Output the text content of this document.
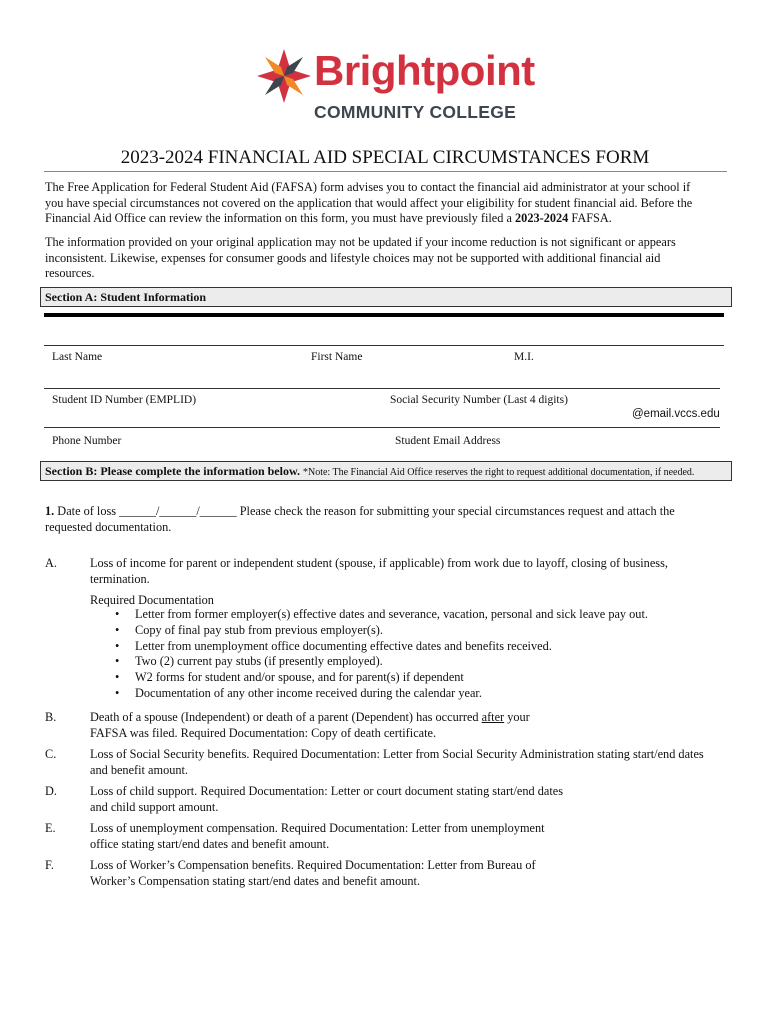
Brightpoint
COMMUNITY COLLEGE
2023-2024 FINANCIAL AID SPECIAL CIRCUMSTANCES FORM
The Free Application for Federal Student Aid (FAFSA) form advises you to contact the financial aid administrator at your school if
you have special circumstances not covered on the application that would affect your eligibility for student financial aid. Before the
Financial Aid Office can review the information on this form, you must have previously filed a 2023-2024 FAFSA.
The information provided on your original application may not be updated if your income reduction is not significant or appears
inconsistent. Likewise, expenses for consumer goods and lifestyle choices may not be supported with additional financial aid
resources.
Section A: Student Information
Last Name	First Name	M.I.
Student ID Number (EMPLID)	Social Security Number (Last 4 digits)
@email.vccs.edu
Phone Number	Student Email Address
Section B: Please complete the information below. *Note: The Financial Aid Office reserves the right to request additional documentation, if needed.
1. Date of loss ______/______/______ Please check the reason for submitting your special circumstances request and attach the
requested documentation.
A.	Loss of income for parent or independent student (spouse, if applicable) from work due to layoff, closing of business,
termination.
Required Documentation
• Letter from former employer(s) effective dates and severance, vacation, personal and sick leave pay out.
• Copy of final pay stub from previous employer(s).
• Letter from unemployment office documenting effective dates and benefits received.
• Two (2) current pay stubs (if presently employed).
• W2 forms for student and/or spouse, and for parent(s) if dependent
• Documentation of any other income received during the calendar year.
B.	Death of a spouse (Independent) or death of a parent (Dependent) has occurred after your
FAFSA was filed. Required Documentation: Copy of death certificate.
C.	Loss of Social Security benefits. Required Documentation: Letter from Social Security Administration stating start/end dates
and benefit amount.
D.	Loss of child support. Required Documentation: Letter or court document stating start/end dates
and child support amount.
E.	Loss of unemployment compensation. Required Documentation: Letter from unemployment
office stating start/end dates and benefit amount.
F.	Loss of Worker’s Compensation benefits. Required Documentation: Letter from Bureau of
Worker’s Compensation stating start/end dates and benefit amount.
